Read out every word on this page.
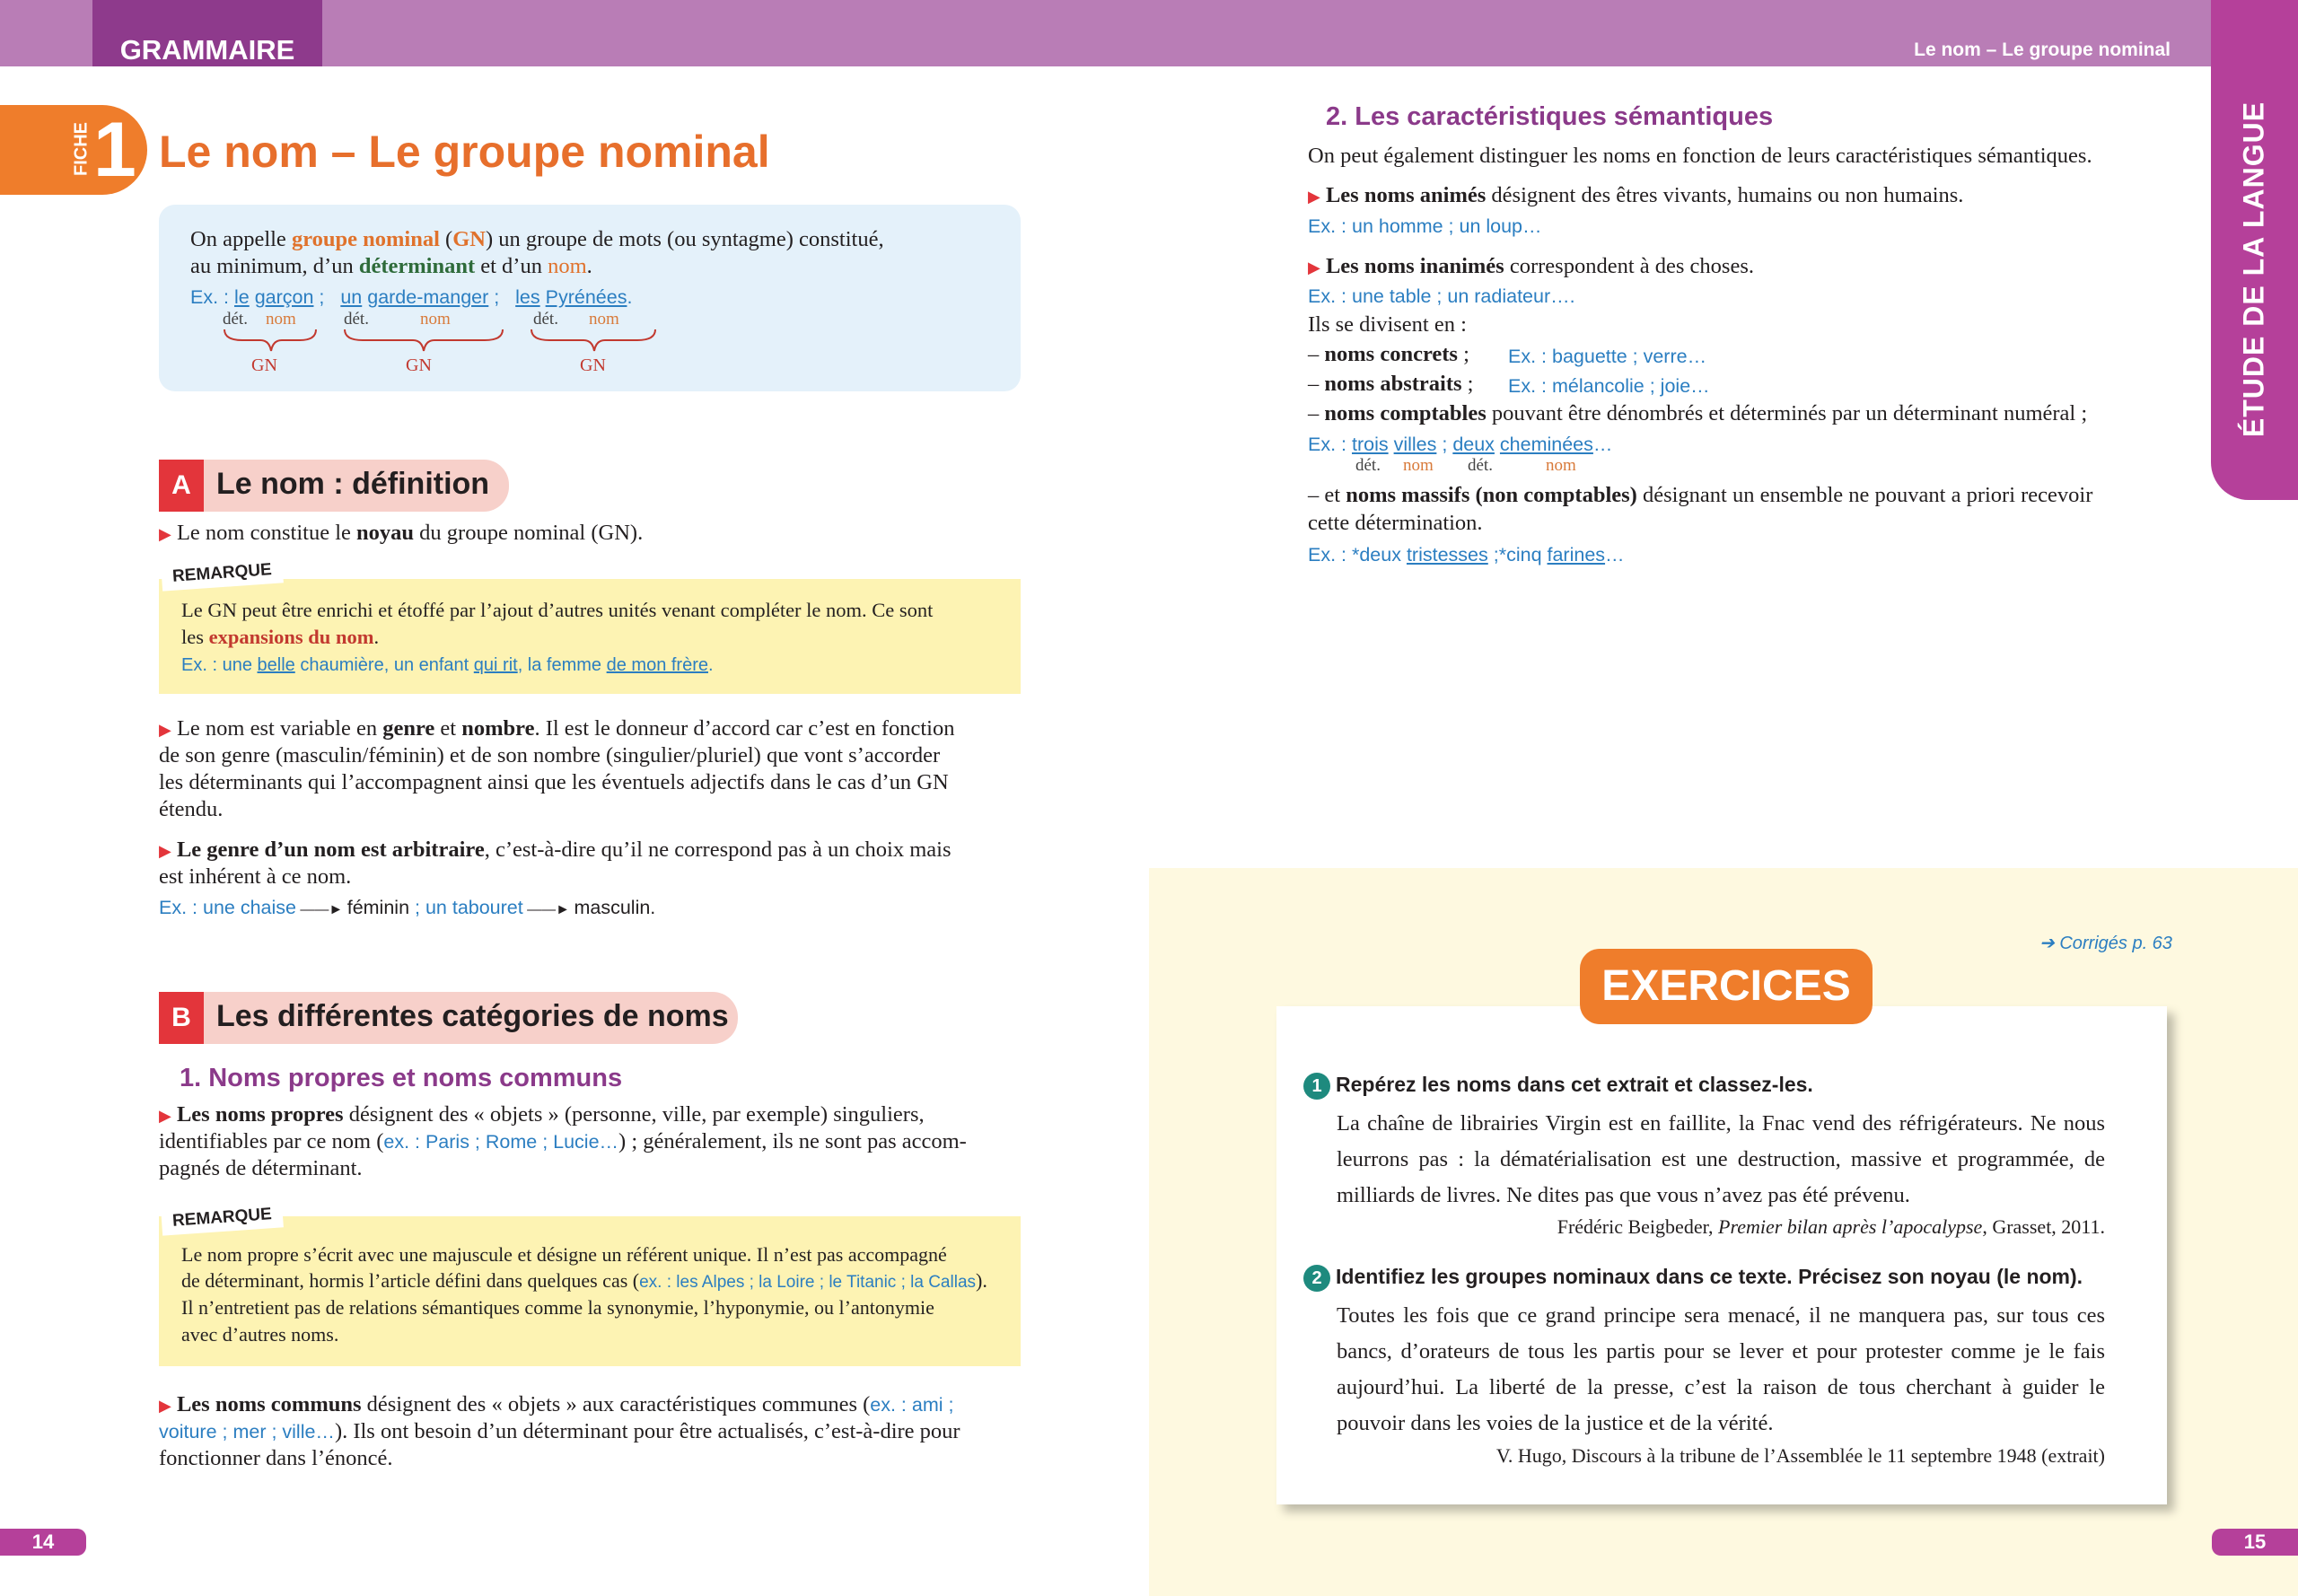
GRAMMAIRE	Le nom – Le groupe nominal
ÉTUDE DE LA LANGUE
FICHE 1 Le nom – Le groupe nominal
On appelle groupe nominal (GN) un groupe de mots (ou syntagme) constitué,
au minimum, d’un déterminant et d’un nom.
Ex. : le garçon ; un garde-manger ; les Pyrénées.
dét. nom	dét.	nom	dét. nom
GN	GN	GN
A Le nom : définition
▶ Le nom constitue le noyau du groupe nominal (GN).
REMARQUE
Le GN peut être enrichi et étoffé par l’ajout d’autres unités venant compléter le nom. Ce sont
les expansions du nom.
Ex. : une belle chaumière, un enfant qui rit, la femme de mon frère.
▶ Le nom est variable en genre et nombre. Il est le donneur d’accord car c’est en fonction
de son genre (masculin/féminin) et de son nombre (singulier/pluriel) que vont s’accorder
les déterminants qui l’accompagnent ainsi que les éventuels adjectifs dans le cas d’un GN
étendu.
▶ Le genre d’un nom est arbitraire, c’est-à-dire qu’il ne correspond pas à un choix mais
est inhérent à ce nom.
Ex. : une chaise ——► féminin ; un tabouret ——► masculin.
B Les différentes catégories de noms
1. Noms propres et noms communs
▶ Les noms propres désignent des « objets » (personne, ville, par exemple) singuliers,
identifiables par ce nom (ex. : Paris ; Rome ; Lucie…) ; généralement, ils ne sont pas accom-
pagnés de déterminant.
REMARQUE
Le nom propre s’écrit avec une majuscule et désigne un référent unique. Il n’est pas accompagné
de déterminant, hormis l’article défini dans quelques cas (ex. : les Alpes ; la Loire ; le Titanic ; la Callas).
Il n’entretient pas de relations sémantiques comme la synonymie, l’hyponymie, ou l’antonymie
avec d’autres noms.
▶ Les noms communs désignent des « objets » aux caractéristiques communes (ex. : ami ;
voiture ; mer ; ville…). Ils ont besoin d’un déterminant pour être actualisés, c’est-à-dire pour
fonctionner dans l’énoncé.
2. Les caractéristiques sémantiques
On peut également distinguer les noms en fonction de leurs caractéristiques sémantiques.
▶ Les noms animés désignent des êtres vivants, humains ou non humains.
Ex. : un homme ; un loup…
▶ Les noms inanimés correspondent à des choses.
Ex. : une table ; un radiateur….
Ils se divisent en :
– noms concrets ; Ex. : baguette ; verre…
– noms abstraits ; Ex. : mélancolie ; joie…
– noms comptables pouvant être dénombrés et déterminés par un déterminant numéral ;
Ex. : trois villes ; deux cheminées…
dét. nom dét.	nom
– et noms massifs (non comptables) désignant un ensemble ne pouvant a priori recevoir
cette détermination.
Ex. : *deux tristesses ;*cinq farines…
➔ Corrigés p. 63
EXERCICES
1 Repérez les noms dans cet extrait et classez-les.
La chaîne de librairies Virgin est en faillite, la Fnac vend des réfrigérateurs. Ne nous leurrons pas : la dématérialisation est une destruction, massive et programmée, de milliards de livres. Ne dites pas que vous n’avez pas été prévenu.
Frédéric Beigbeder, Premier bilan après l’apocalypse, Grasset, 2011.
2 Identifiez les groupes nominaux dans ce texte. Précisez son noyau (le nom).
Toutes les fois que ce grand principe sera menacé, il ne manquera pas, sur tous ces bancs, d’orateurs de tous les partis pour se lever et pour protester comme je le fais aujourd’hui. La liberté de la presse, c’est la raison de tous cherchant à guider le pouvoir dans les voies de la justice et de la vérité.
V. Hugo, Discours à la tribune de l’Assemblée le 11 septembre 1948 (extrait)
14	15
